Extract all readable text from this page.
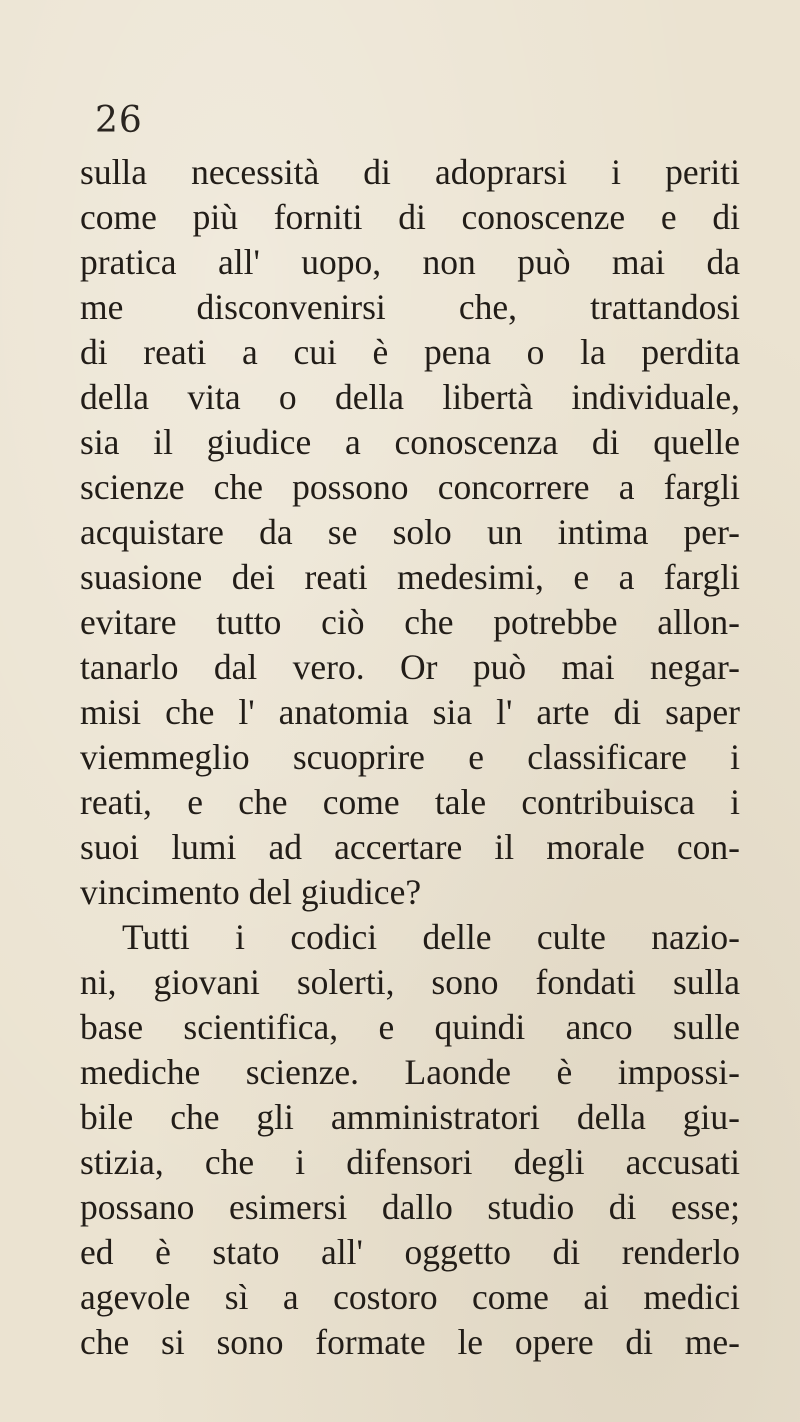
26
sulla necessità di adoprarsi i periti
come più forniti di conoscenze e di
pratica all' uopo, non può mai da
me disconvenirsi che, trattandosi
di reati a cui è pena o la perdita
della vita o della libertà individuale,
sia il giudice a conoscenza di quelle
scienze che possono concorrere a fargli
acquistare da se solo un intima per-
suasione dei reati medesimi, e a fargli
evitare tutto ciò che potrebbe allon-
tanarlo dal vero. Or può mai negar-
misi che l' anatomia sia l' arte di saper
viemmeglio scuoprire e classificare i
reati, e che come tale contribuisca i
suoi lumi ad accertare il morale con-
vincimento del giudice?
Tutti i codici delle culte nazio-
ni, giovani solerti, sono fondati sulla
base scientifica, e quindi anco sulle
mediche scienze. Laonde è impossi-
bile che gli amministratori della giu-
stizia, che i difensori degli accusati
possano esimersi dallo studio di esse;
ed è stato all' oggetto di renderlo
agevole sì a costoro come ai medici
che si sono formate le opere di me-
